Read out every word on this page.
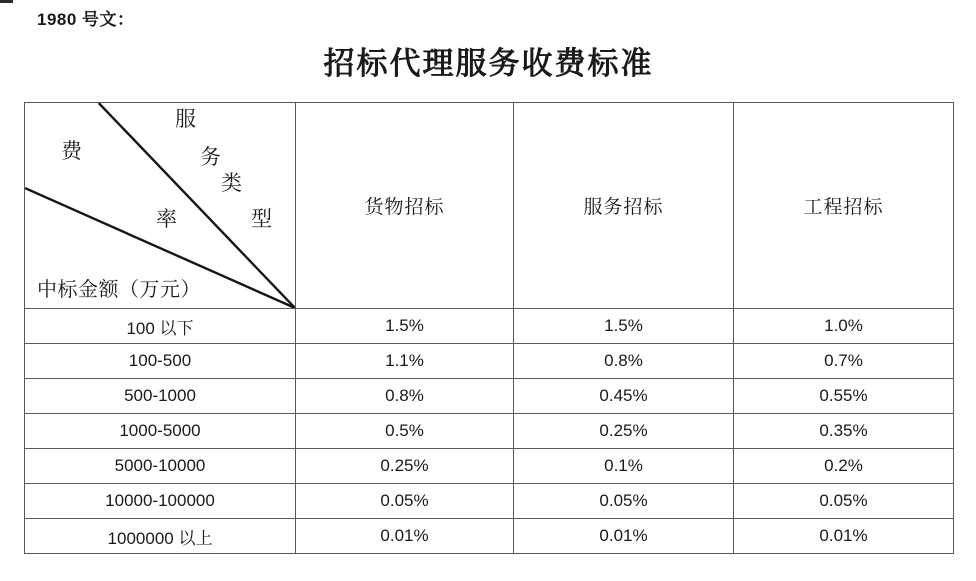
1980 号文：
招标代理服务收费标准
费
率
服
务
类
型
中标金额（万元）
	货物招标	服务招标	工程招标
100 以下	1.5%	1.5%	1.0%
100-500	1.1%	0.8%	0.7%
500-1000	0.8%	0.45%	0.55%
1000-5000	0.5%	0.25%	0.35%
5000-10000	0.25%	0.1%	0.2%
10000-100000	0.05%	0.05%	0.05%
1000000 以上	0.01%	0.01%	0.01%
